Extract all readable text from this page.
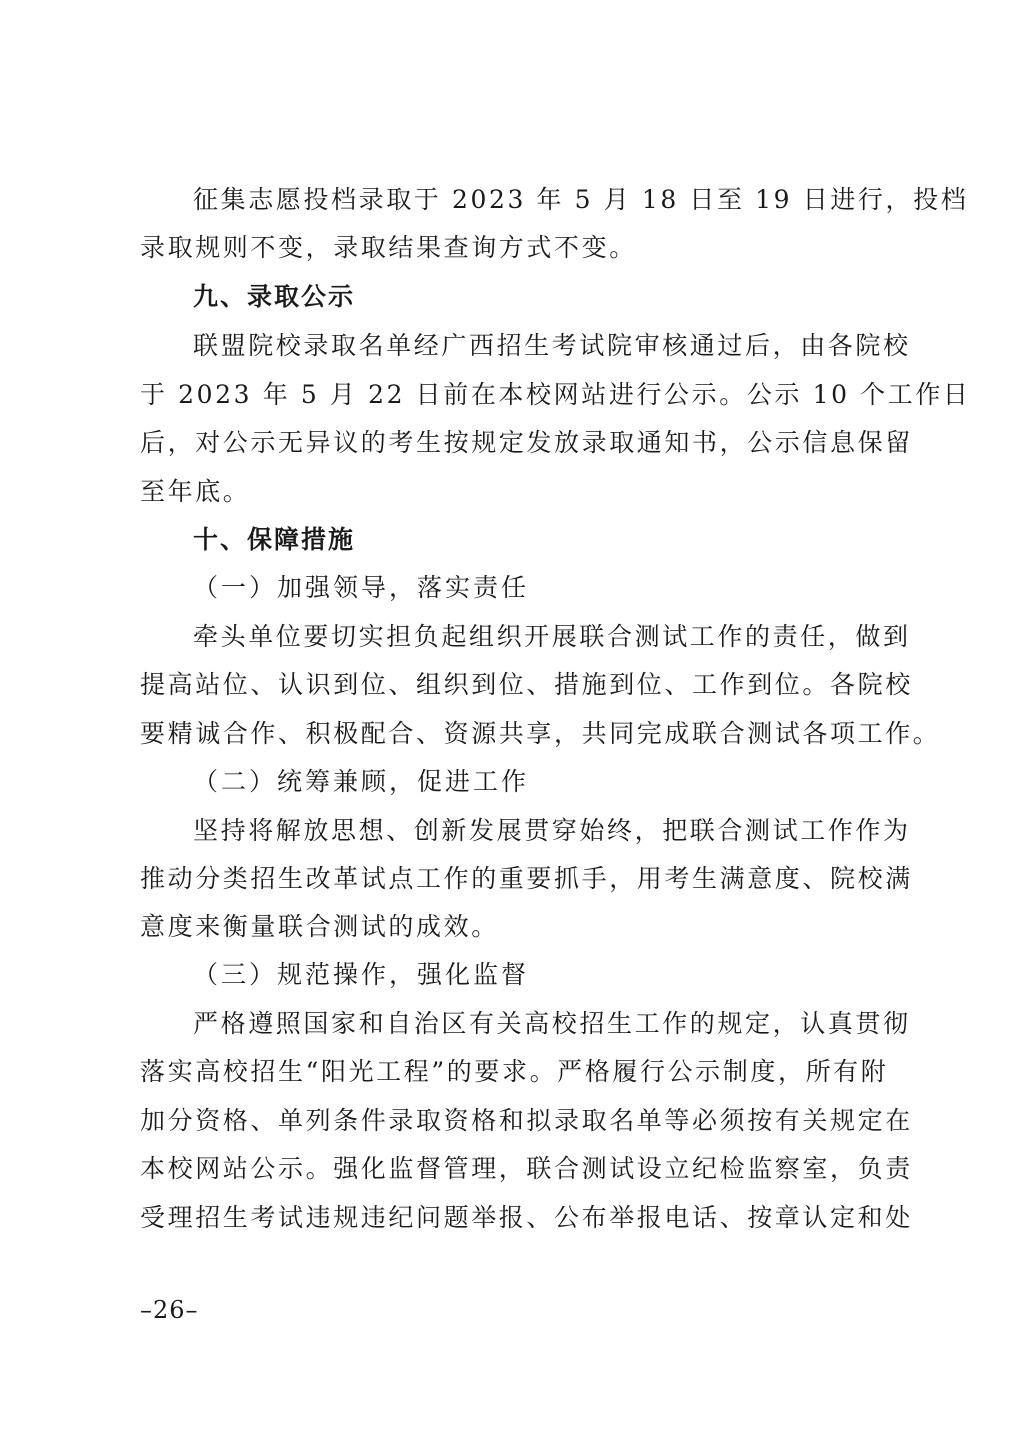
征集志愿投档录取于 2023 年 5 月 18 日至 19 日进行，投档
录取规则不变，录取结果查询方式不变。
九、录取公示
联盟院校录取名单经广西招生考试院审核通过后，由各院校
于 2023 年 5 月 22 日前在本校网站进行公示。公示 10 个工作日
后，对公示无异议的考生按规定发放录取通知书，公示信息保留
至年底。
十、保障措施
（一）加强领导，落实责任
牵头单位要切实担负起组织开展联合测试工作的责任，做到
提高站位、认识到位、组织到位、措施到位、工作到位。各院校
要精诚合作、积极配合、资源共享，共同完成联合测试各项工作。
（二）统筹兼顾，促进工作
坚持将解放思想、创新发展贯穿始终，把联合测试工作作为
推动分类招生改革试点工作的重要抓手，用考生满意度、院校满
意度来衡量联合测试的成效。
（三）规范操作，强化监督
严格遵照国家和自治区有关高校招生工作的规定，认真贯彻
落实高校招生“阳光工程”的要求。严格履行公示制度，所有附
加分资格、单列条件录取资格和拟录取名单等必须按有关规定在
本校网站公示。强化监督管理，联合测试设立纪检监察室，负责
受理招生考试违规违纪问题举报、公布举报电话、按章认定和处
–26–
